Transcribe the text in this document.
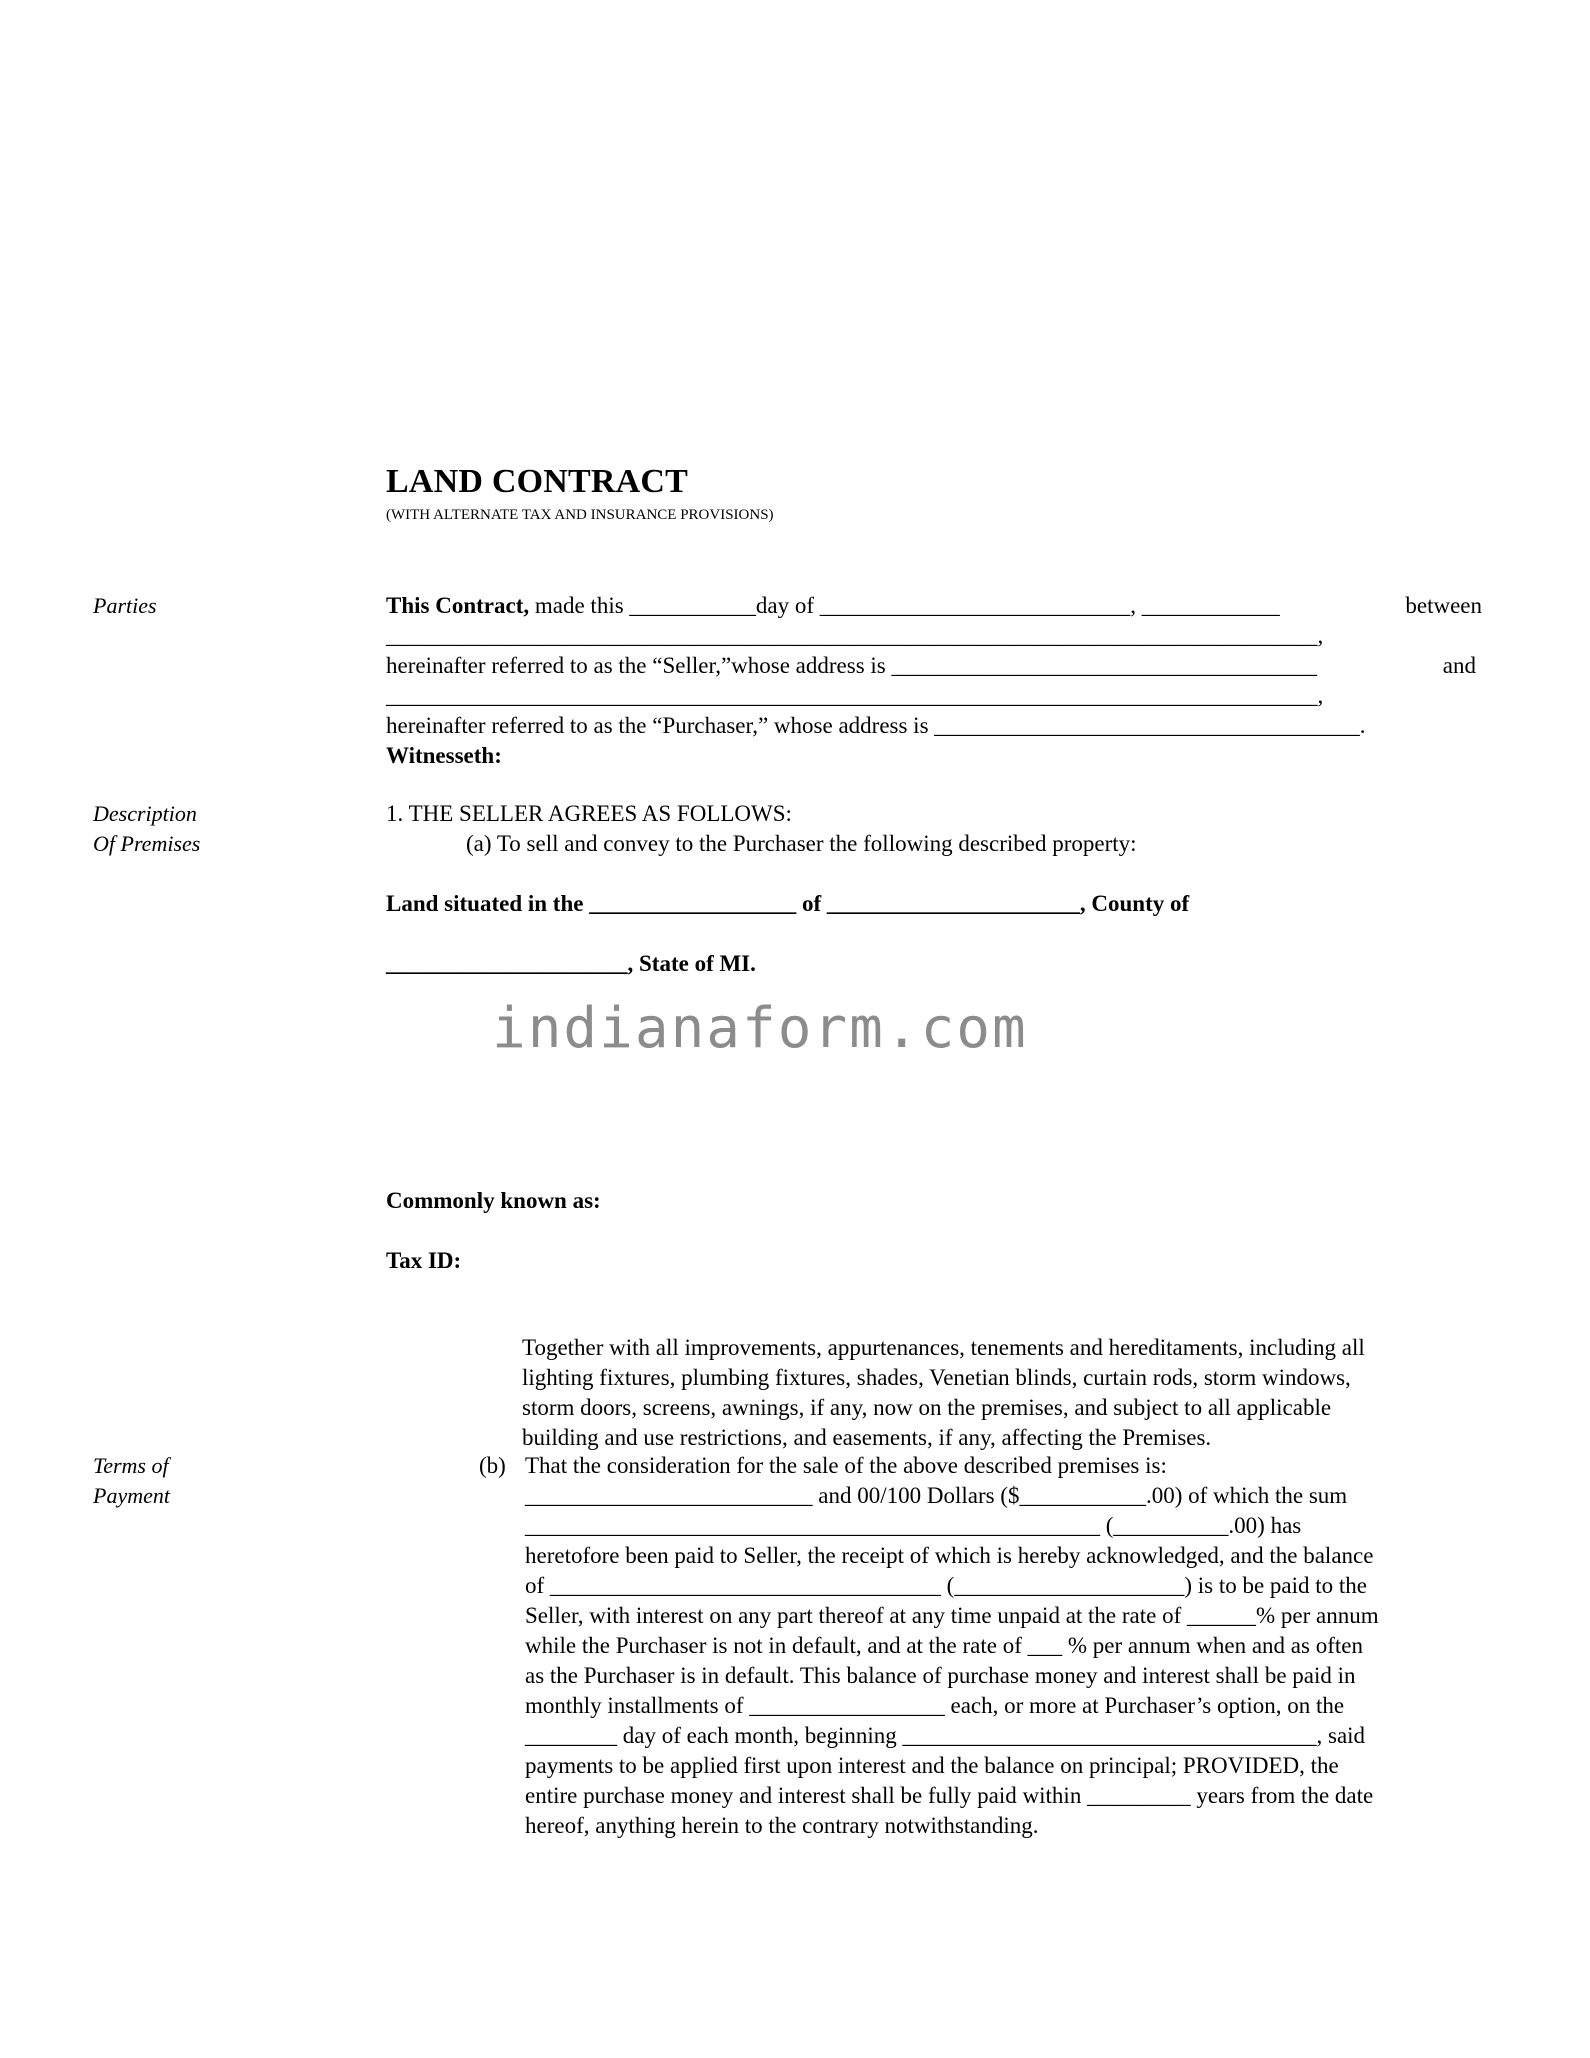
LAND CONTRACT
(WITH ALTERNATE TAX AND INSURANCE PROVISIONS)
Parties
Description
Of Premises
Terms of
Payment
This Contract, made this ___________day of ___________________________, ____________	between
_________________________________________________________________________________,
hereinafter referred to as the “Seller,”whose address is _____________________________________	and
_________________________________________________________________________________,
hereinafter referred to as the “Purchaser,” whose address is _____________________________________.
Witnesseth:
1. THE SELLER AGREES AS FOLLOWS:
(a) To sell and convey to the Purchaser the following described property:
Land situated in the __________________ of ______________________, County of
_____________________, State of MI.
indianaform.com
Commonly known as:
Tax ID:
Together with all improvements, appurtenances, tenements and hereditaments, including all
lighting fixtures, plumbing fixtures, shades, Venetian blinds, curtain rods, storm windows,
storm doors, screens, awnings, if any, now on the premises, and subject to all applicable
building and use restrictions, and easements, if any, affecting the Premises.
(b) That the consideration for the sale of the above described premises is:
_________________________ and 00/100 Dollars ($___________.00) of which the sum
__________________________________________________ (__________.00) has
heretofore been paid to Seller, the receipt of which is hereby acknowledged, and the balance
of __________________________________ (____________________) is to be paid to the
Seller, with interest on any part thereof at any time unpaid at the rate of ______% per annum
while the Purchaser is not in default, and at the rate of ___ % per annum when and as often
as the Purchaser is in default. This balance of purchase money and interest shall be paid in
monthly installments of _________________ each, or more at Purchaser’s option, on the
________ day of each month, beginning ____________________________________, said
payments to be applied first upon interest and the balance on principal; PROVIDED, the
entire purchase money and interest shall be fully paid within _________ years from the date
hereof, anything herein to the contrary notwithstanding.
